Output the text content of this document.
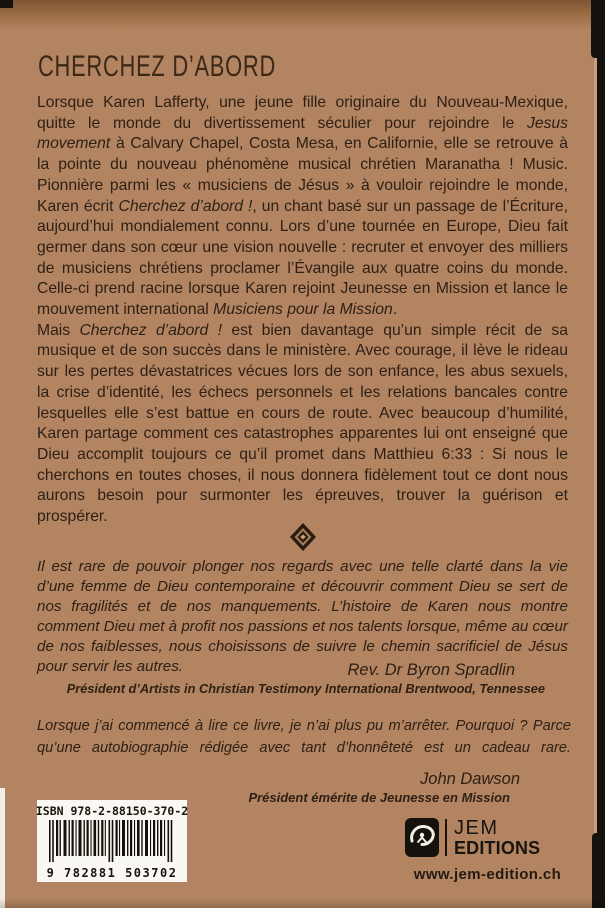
CHERCHEZ D’ABORD

Lorsque Karen Lafferty, une jeune fille originaire du Nouveau-Mexique, quitte le monde du divertissement séculier pour rejoindre le Jesus movement à Calvary Chapel, Costa Mesa, en Californie, elle se retrouve à la pointe du nouveau phénomène musical chrétien Maranatha ! Music. Pionnière parmi les « musiciens de Jésus » à vouloir rejoindre le monde, Karen écrit Cherchez d’abord !, un chant basé sur un passage de l’Écriture, aujourd’hui mondialement connu. Lors d’une tournée en Europe, Dieu fait germer dans son cœur une vision nouvelle : recruter et envoyer des milliers de musiciens chrétiens proclamer l’Évangile aux quatre coins du monde. Celle-ci prend racine lorsque Karen rejoint Jeunesse en Mission et lance le mouvement international Musiciens pour la Mission.

Mais Cherchez d’abord ! est bien davantage qu’un simple récit de sa musique et de son succès dans le ministère. Avec courage, il lève le rideau sur les pertes dévastatrices vécues lors de son enfance, les abus sexuels, la crise d’identité, les échecs personnels et les relations bancales contre lesquelles elle s’est battue en cours de route. Avec beaucoup d’humilité, Karen partage comment ces catastrophes apparentes lui ont enseigné que Dieu accomplit toujours ce qu’il promet dans Matthieu 6:33 : Si nous le cherchons en toutes choses, il nous donnera fidèlement tout ce dont nous aurons besoin pour surmonter les épreuves, trouver la guérison et prospérer.

Il est rare de pouvoir plonger nos regards avec une telle clarté dans la vie d’une femme de Dieu contemporaine et découvrir comment Dieu se sert de nos fragilités et de nos manquements. L’histoire de Karen nous montre comment Dieu met à profit nos passions et nos talents lorsque, même au cœur de nos faiblesses, nous choisissons de suivre le chemin sacrificiel de Jésus pour servir les autres.	Rev. Dr Byron Spradlin
Président d’Artists in Christian Testimony International Brentwood, Tennessee
Lorsque j’ai commencé à lire ce livre, je n’ai plus pu m’arrêter. Pourquoi ? Parce qu’une autobiographie rédigée avec tant d’honnêteté est un cadeau rare.
John Dawson
Président émérite de Jeunesse en Mission
ISBN 978-2-88150-370-2
9 782881 503702
JEM
EDITIONS
www.jem-edition.ch
